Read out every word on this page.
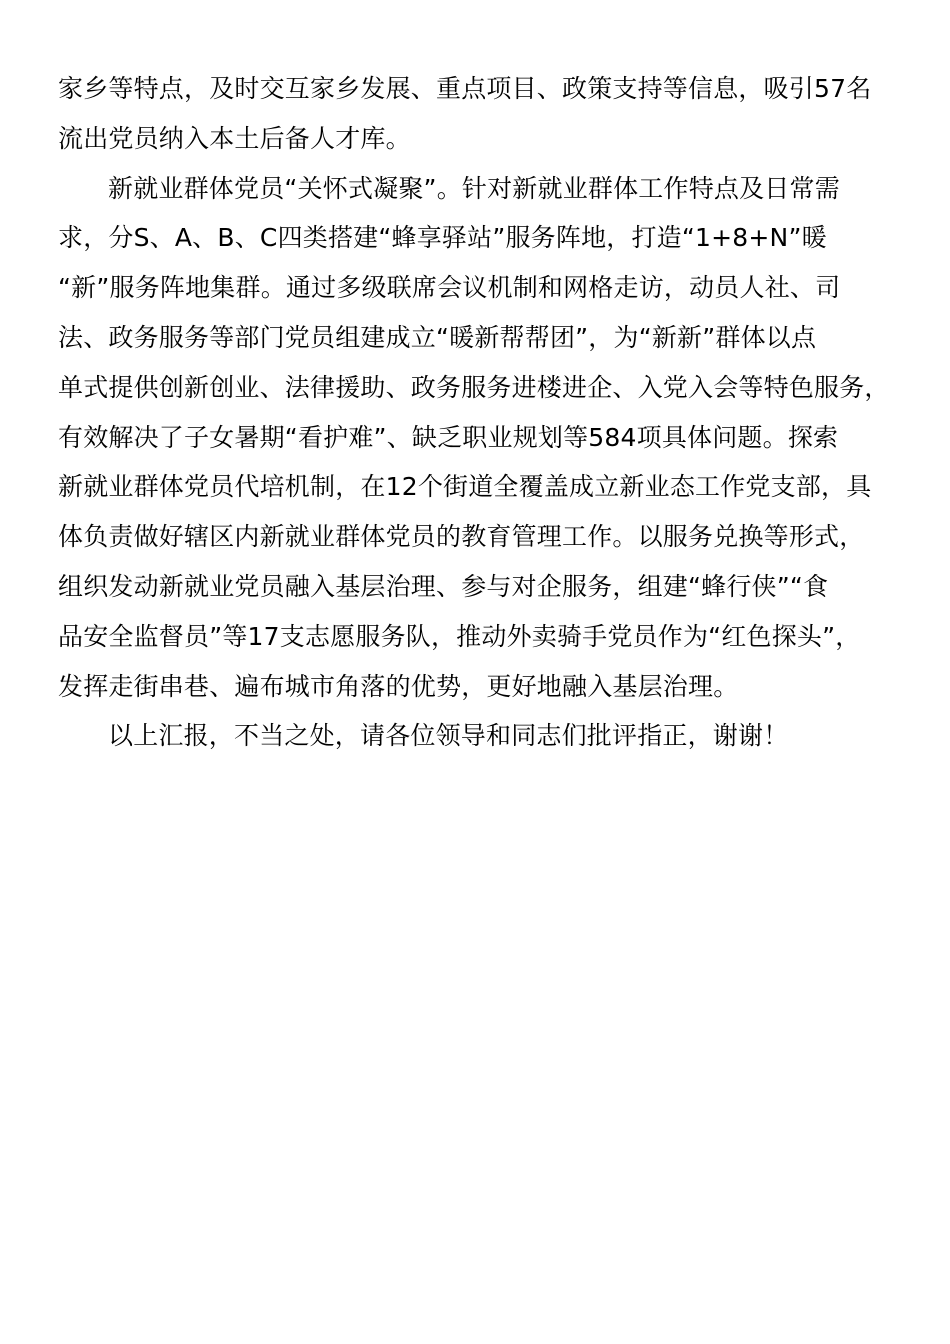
家乡等特点，及时交互家乡发展、重点项目、政策支持等信息，吸引57名
流出党员纳入本土后备人才库。
新就业群体党员“关怀式凝聚”。针对新就业群体工作特点及日常需
求，分S、A、B、C四类搭建“蜂享驿站”服务阵地，打造“1+8+N”暖
“新”服务阵地集群。通过多级联席会议机制和网格走访，动员人社、司
法、政务服务等部门党员组建成立“暖新帮帮团”，为“新新”群体以点
单式提供创新创业、法律援助、政务服务进楼进企、入党入会等特色服务，
有效解决了子女暑期“看护难”、缺乏职业规划等584项具体问题。探索
新就业群体党员代培机制，在12个街道全覆盖成立新业态工作党支部，具
体负责做好辖区内新就业群体党员的教育管理工作。以服务兑换等形式，
组织发动新就业党员融入基层治理、参与对企服务，组建“蜂行侠”“食
品安全监督员”等17支志愿服务队，推动外卖骑手党员作为“红色探头”，
发挥走街串巷、遍布城市角落的优势，更好地融入基层治理。
以上汇报，不当之处，请各位领导和同志们批评指正，谢谢！
